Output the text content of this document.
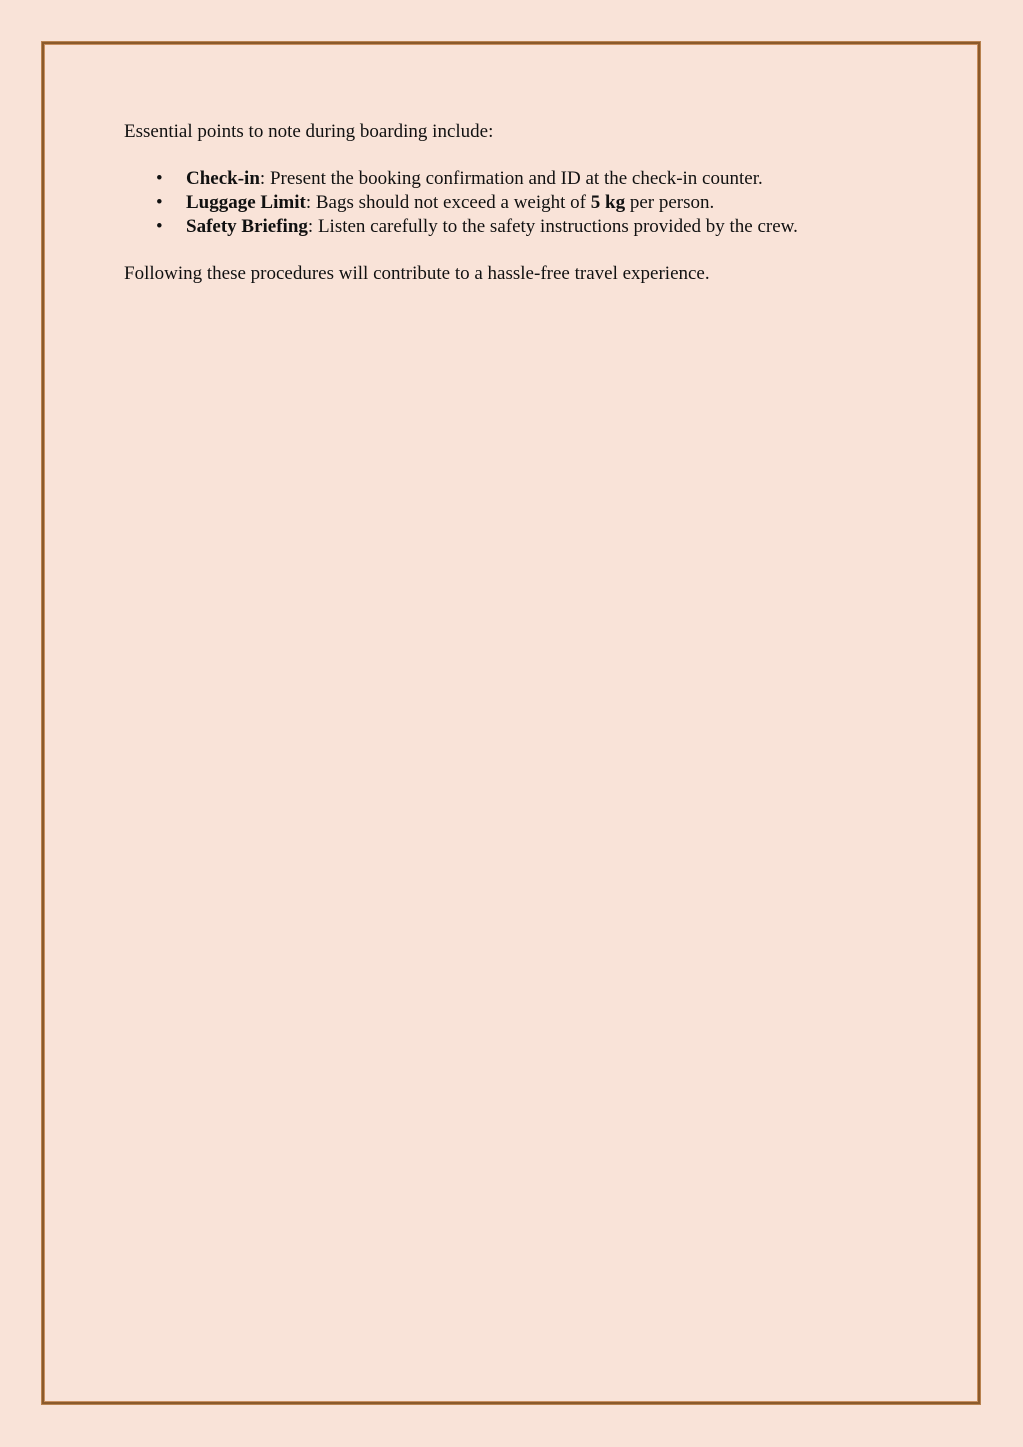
Essential points to note during boarding include:

• Check-in: Present the booking confirmation and ID at the check-in counter.
• Luggage Limit: Bags should not exceed a weight of 5 kg per person.
• Safety Briefing: Listen carefully to the safety instructions provided by the crew.

Following these procedures will contribute to a hassle-free travel experience.
